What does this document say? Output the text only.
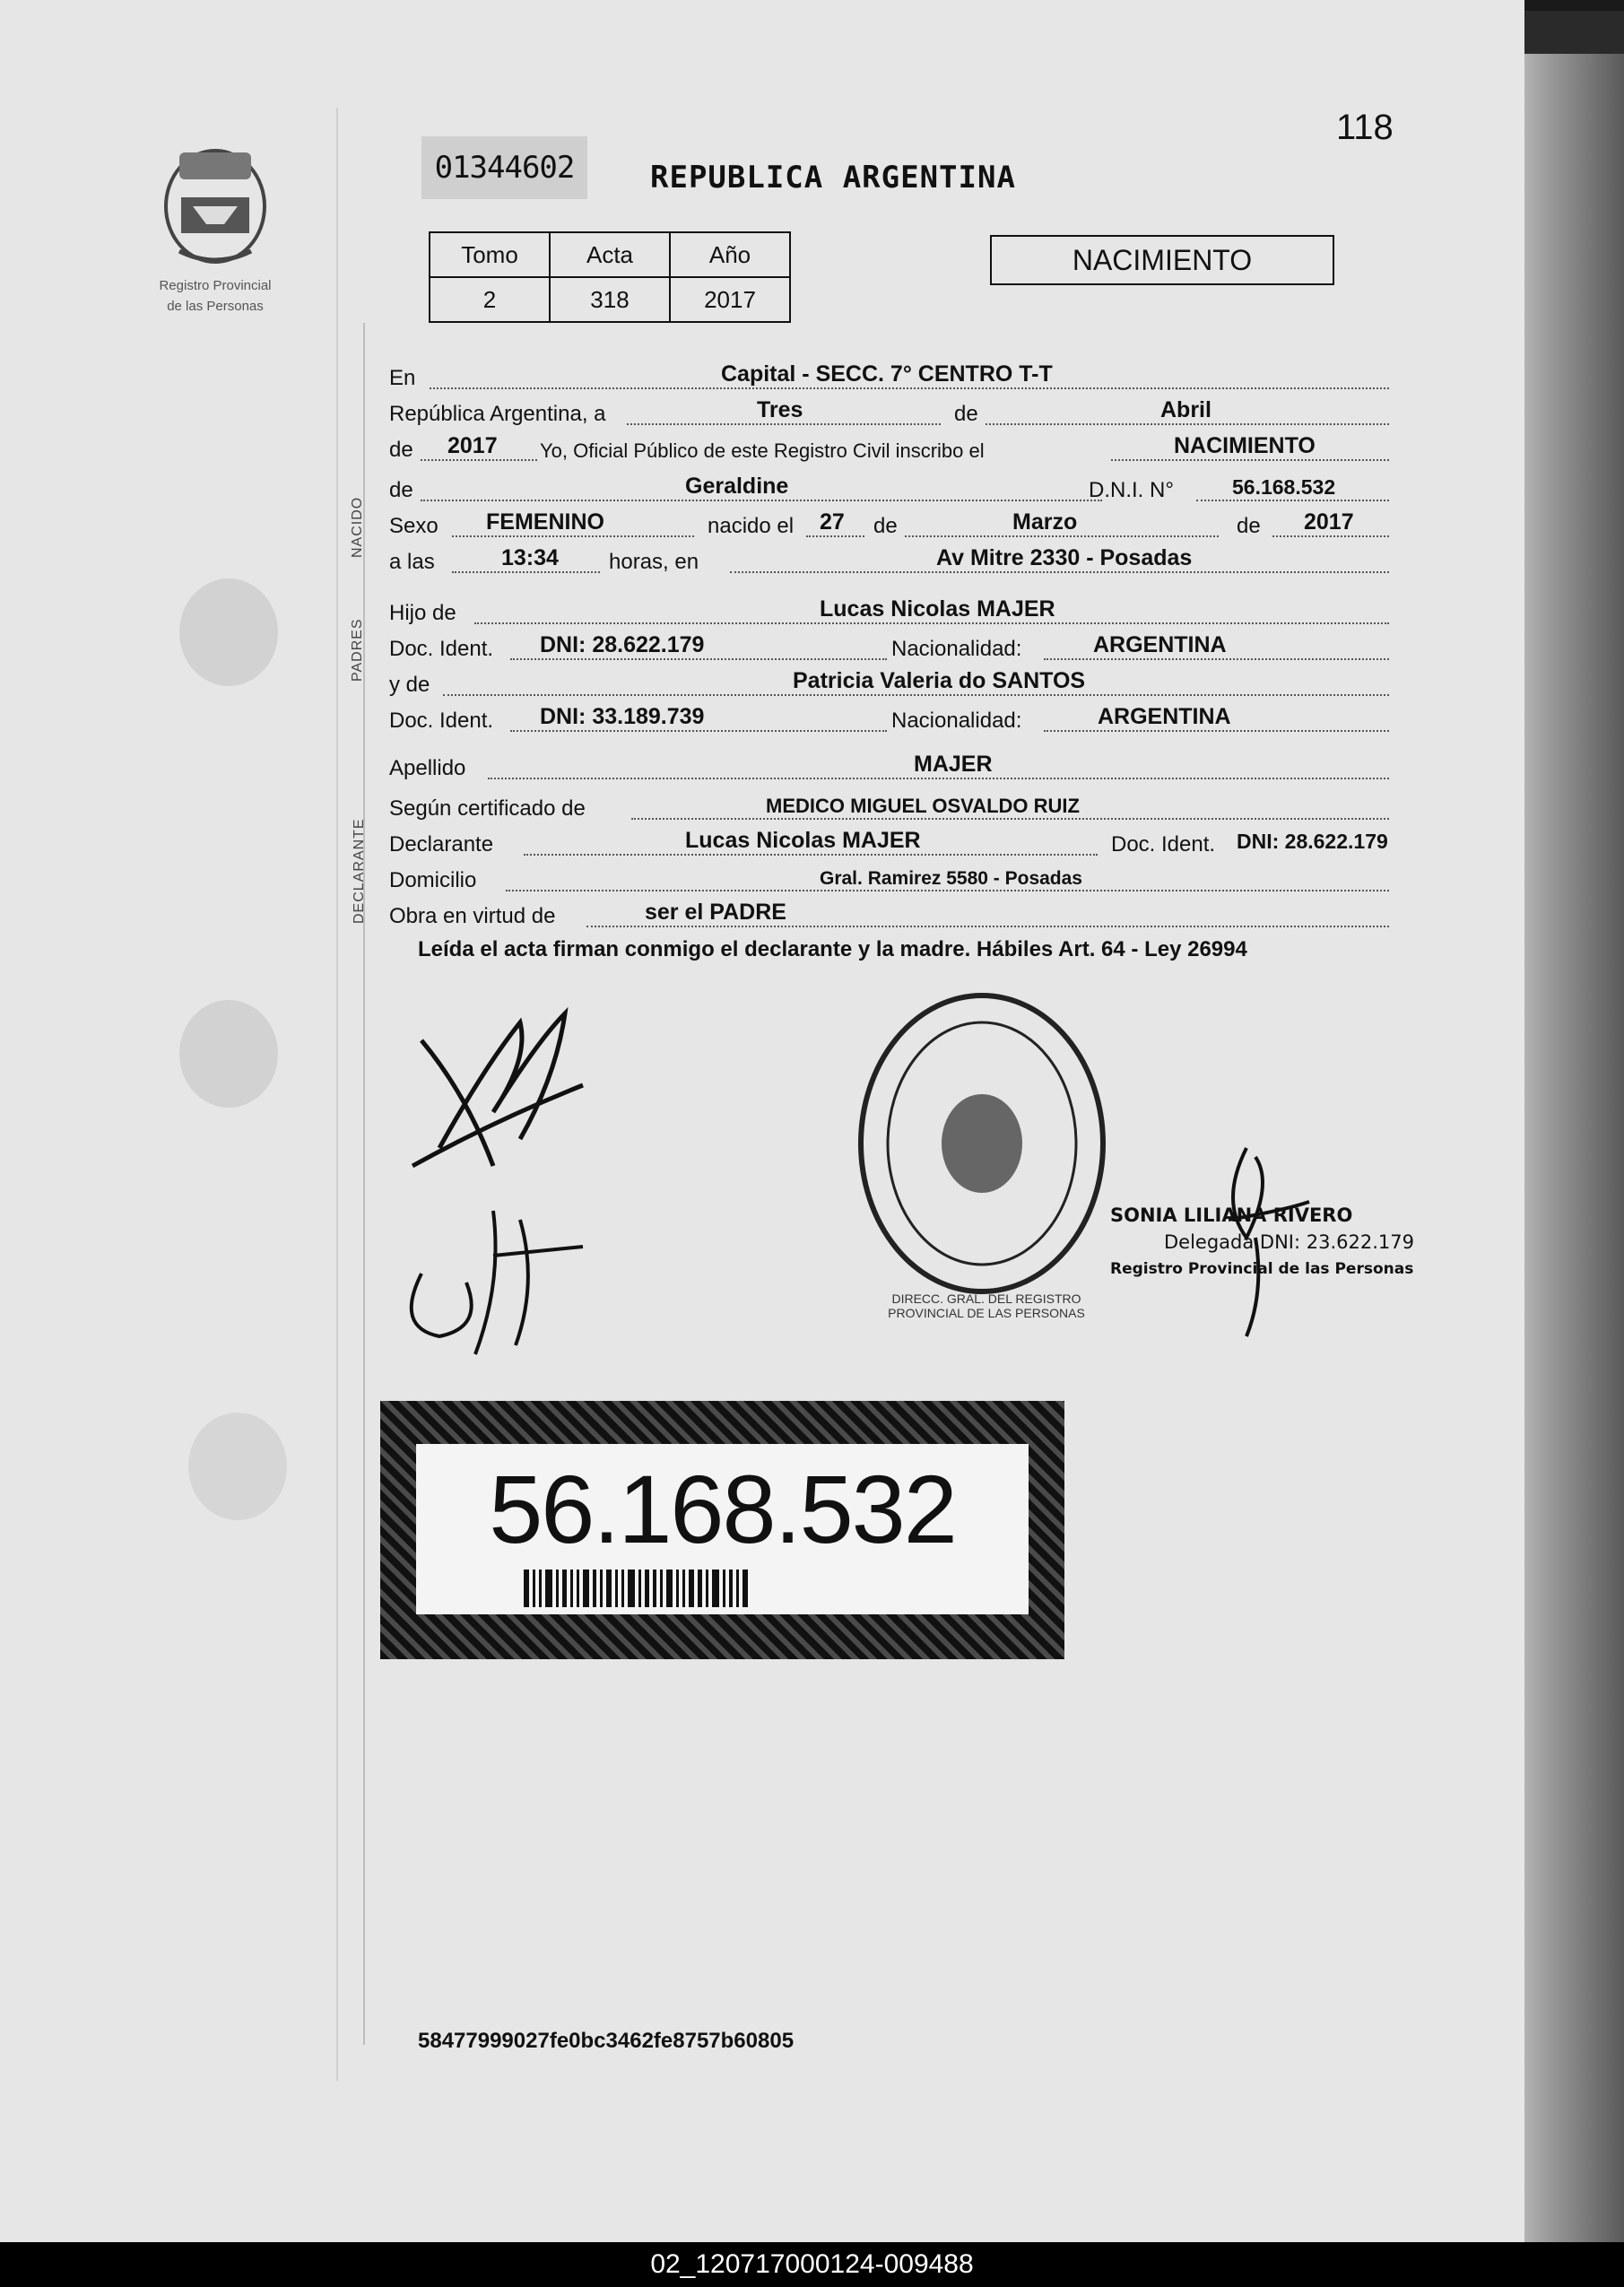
Registro Provincial
de las Personas
118
01344602	REPUBLICA ARGENTINA
Tomo	Acta	Año
2	318	2017
NACIMIENTO
NACIDO
PADRES
DECLARANTE
En	Capital - SECC. 7° CENTRO T-T
República Argentina, a	Tres	de	Abril
de 2017 Yo, Oficial Público de este Registro Civil inscribo el	NACIMIENTO
de	Geraldine	D.N.I. N°	56.168.532
Sexo FEMENINO	nacido el 27 de	Marzo	de 2017
a las	13:34 horas, en	Av Mitre 2330 - Posadas
Hijo de	Lucas Nicolas MAJER
Doc. Ident. DNI: 28.622.179	Nacionalidad:	ARGENTINA
y de	Patricia Valeria do SANTOS
Doc. Ident. DNI: 33.189.739	Nacionalidad:	ARGENTINA
Apellido	MAJER
Según certificado de	MEDICO MIGUEL OSVALDO RUIZ
Declarante	Lucas Nicolas MAJER	Doc. Ident. DNI: 28.622.179
Domicilio	Gral. Ramirez 5580 - Posadas
Obra en virtud de	ser el PADRE
Leída el acta firman conmigo el declarante y la madre. Hábiles Art. 64 - Ley 26994
DIRECC. GRAL. DEL REGISTRO PROVINCIAL DE LAS PERSONAS
SONIA LILIANA RIVERO
Delegada DNI: 23.622.179
Registro Provincial de las Personas
56.168.532
58477999027fe0bc3462fe8757b60805
02_120717000124-009488
